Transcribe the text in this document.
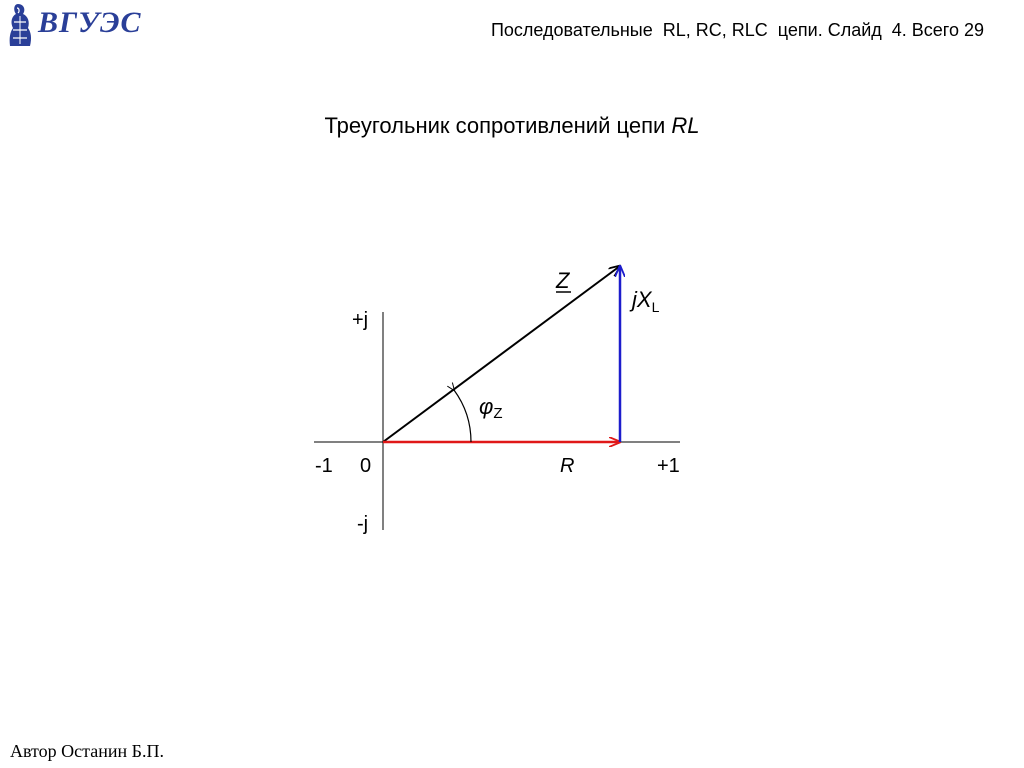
ВГУЭС	Последовательные  RL, RC, RLC  цепи. Слайд  4. Всего 29
Треугольник сопротивлений цепи RL
+j
-j
-1 0	+1
Z
R
$jX_L$
φZ
Автор Останин Б.П.
